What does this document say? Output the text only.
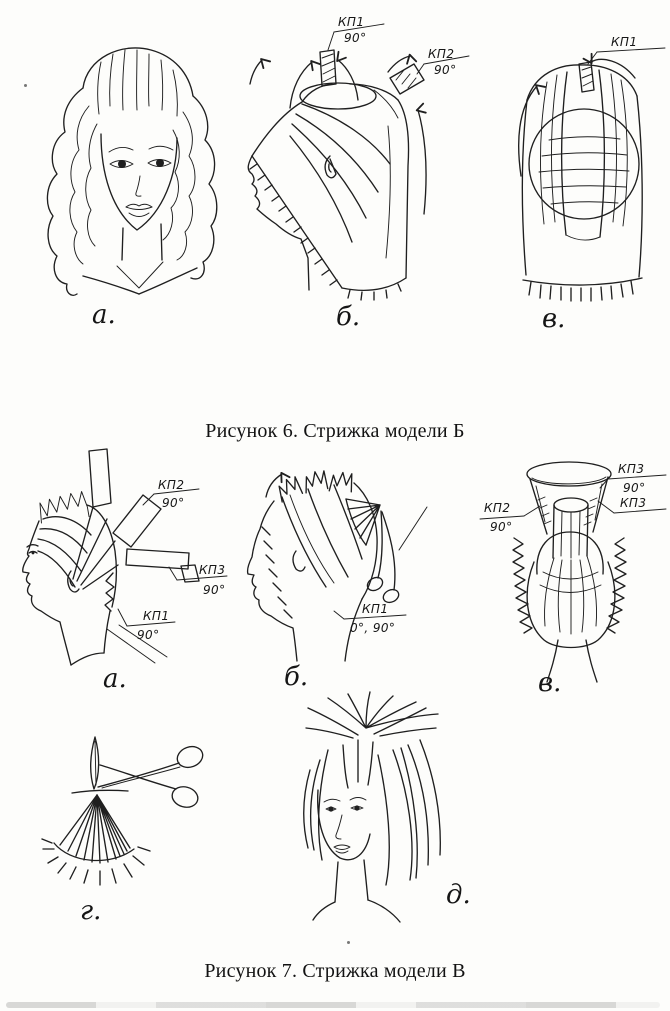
КП1
90°
КП2
90°
КП1
а.	б.	в.
Рисунок 6. Стрижка модели Б
КП2
90°
КП3
90°
КП1
90°
КП1
0°, 90°
КП3
90°
КП3
КП2
90°
а.	б.	в.
г.
д.
Рисунок 7. Стрижка модели В
